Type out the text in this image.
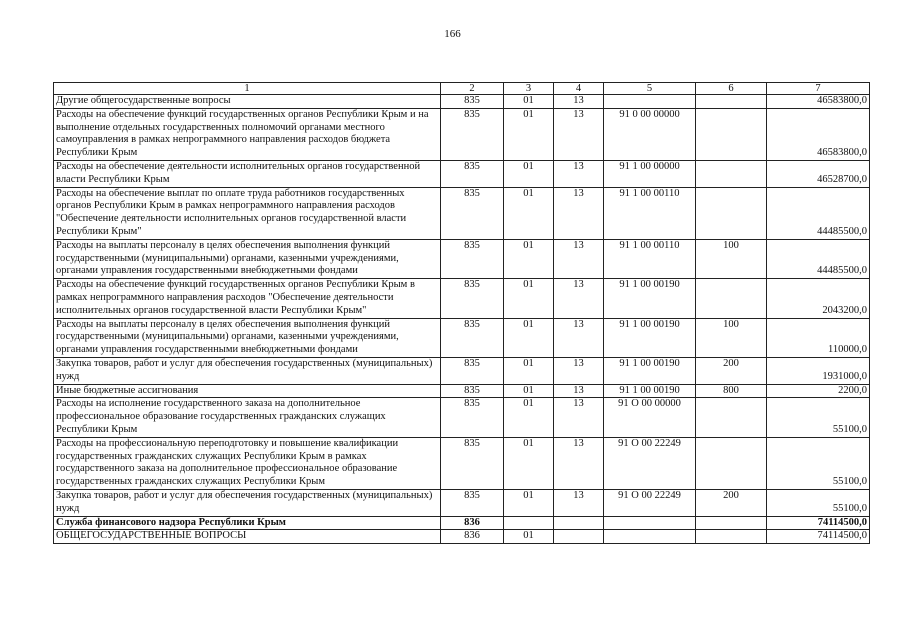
166
1	2	3	4	5	6	7
Другие общегосударственные вопросы	835	01	13			46583800,0
Расходы на обеспечение функций государственных органов Республики Крым и на выполнение отдельных государственных полномочий органами местного самоуправления в рамках непрограммного направления расходов бюджета Республики Крым	835	01	13	91 0 00 00000		46583800,0
Расходы на обеспечение деятельности исполнительных органов государственной власти Республики Крым	835	01	13	91 1 00 00000		46528700,0
Расходы на обеспечение выплат по оплате труда работников государственных органов Республики Крым в рамках непрограммного направления расходов "Обеспечение деятельности исполнительных органов государственной власти Республики Крым"	835	01	13	91 1 00 00110		44485500,0
Расходы на выплаты персоналу в целях обеспечения выполнения функций государственными (муниципальными) органами, казенными учреждениями, органами управления государственными внебюджетными фондами	835	01	13	91 1 00 00110	100	44485500,0
Расходы на обеспечение функций государственных органов Республики Крым в рамках непрограммного направления расходов "Обеспечение деятельности исполнительных органов государственной власти Республики Крым"	835	01	13	91 1 00 00190		2043200,0
Расходы на выплаты персоналу в целях обеспечения выполнения функций государственными (муниципальными) органами, казенными учреждениями, органами управления государственными внебюджетными фондами	835	01	13	91 1 00 00190	100	110000,0
Закупка товаров, работ и услуг для обеспечения государственных (муниципальных) нужд	835	01	13	91 1 00 00190	200	1931000,0
Иные бюджетные ассигнования	835	01	13	91 1 00 00190	800	2200,0
Расходы на исполнение государственного заказа на дополнительное профессиональное образование государственных гражданских служащих Республики Крым	835	01	13	91 О 00 00000		55100,0
Расходы на профессиональную переподготовку и повышение квалификации государственных гражданских служащих Республики Крым в рамках государственного заказа на дополнительное профессиональное образование государственных гражданских служащих Республики Крым	835	01	13	91 О 00 22249		55100,0
Закупка товаров, работ и услуг для обеспечения государственных (муниципальных) нужд	835	01	13	91 О 00 22249	200	55100,0
Служба финансового надзора Республики Крым	836					74114500,0
ОБЩЕГОСУДАРСТВЕННЫЕ ВОПРОСЫ	836	01				74114500,0
